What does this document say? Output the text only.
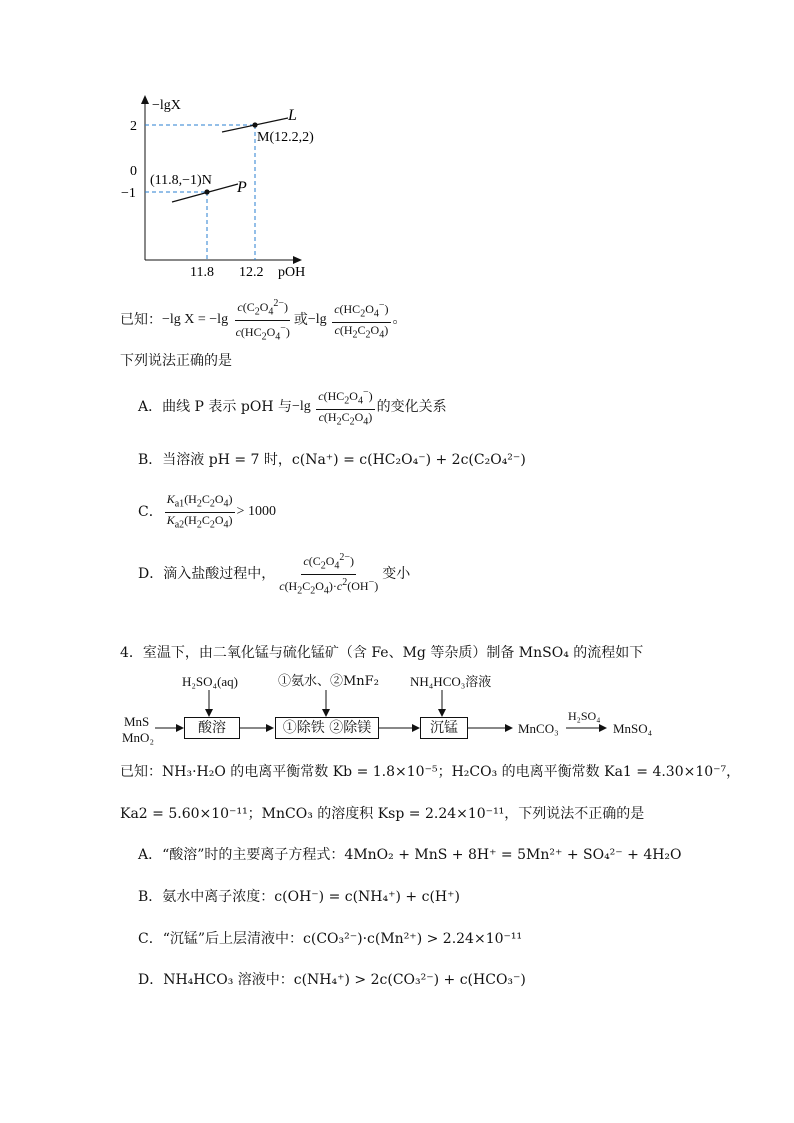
−lgX
2
0
−1
11.8 12.2 pOH
L
P
M(12.2,2)
(11.8,−1)N
已知： −lg $X = -\lg \frac{c(C_2O_4^{2-})}{c(HC_2O_4^-)}$ 或 $-\lg \frac{c(HC_2O_4^-)}{c(H_2C_2O_4)}$ 。
下列说法正确的是
A．曲线 P 表示 pOH 与 $-\lg \frac{c(HC_2O_4^-)}{c(H_2C_2O_4)}$ 的变化关系
B．当溶液 pH = 7 时，c(Na⁺) = c(HC₂O₄⁻) + 2c(C₂O₄²⁻)
C． $\frac{K_{a1}(H_2C_2O_4)}{K_{a2}(H_2C_2O_4)} > 1000$
D．滴入盐酸过程中， $\frac{c(C_2O_4^{2-})}{c(H_2C_2O_4)\cdot c^2(OH^-)}$ 变小
4．室温下，由二氧化锰与硫化锰矿（含 Fe、Mg 等杂质）制备 MnSO₄ 的流程如下
MnS
MnO₂
H₂SO₄(aq)
酸溶
①氨水、②MnF₂
①除铁 ②除镁
NH₄HCO₃溶液
沉锰	MnCO₃
H₂SO₄
MnSO₄
已知：NH₃·H₂O 的电离平衡常数 Kb = 1.8×10⁻⁵；H₂CO₃ 的电离平衡常数 Ka1 = 4.30×10⁻⁷，
Ka2 = 5.60×10⁻¹¹；MnCO₃ 的溶度积 Ksp = 2.24×10⁻¹¹，下列说法不正确的是
A．“酸溶”时的主要离子方程式：4MnO₂ + MnS + 8H⁺ = 5Mn²⁺ + SO₄²⁻ + 4H₂O
B．氨水中离子浓度：c(OH⁻) = c(NH₄⁺) + c(H⁺)
C．“沉锰”后上层清液中：c(CO₃²⁻)·c(Mn²⁺) > 2.24×10⁻¹¹
D．NH₄HCO₃ 溶液中：c(NH₄⁺) > 2c(CO₃²⁻) + c(HCO₃⁻)
